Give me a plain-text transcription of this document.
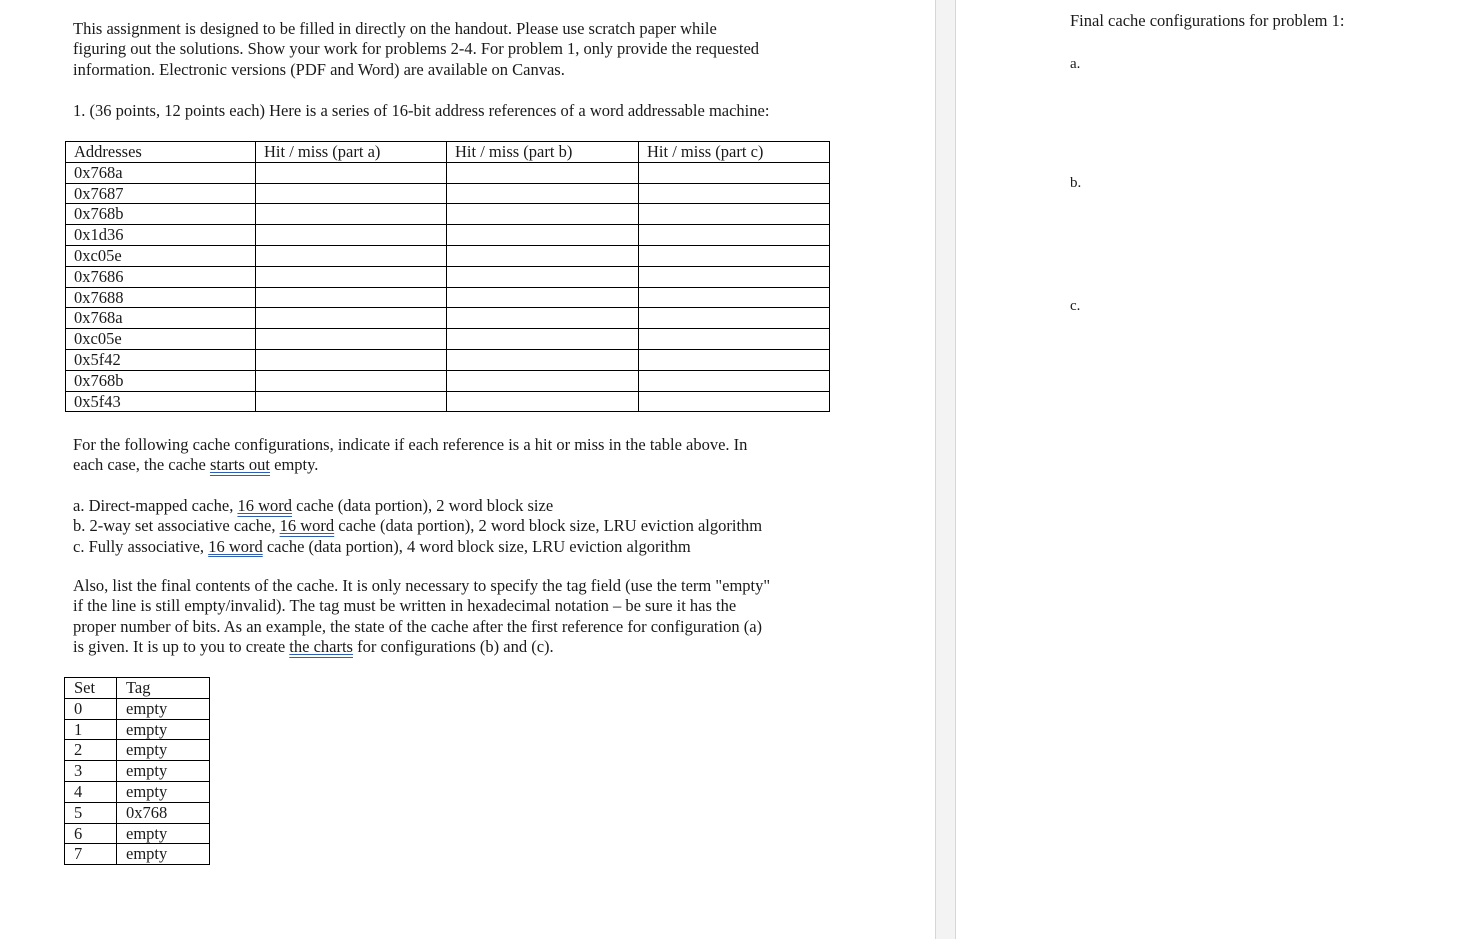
This assignment is designed to be filled in directly on the handout. Please use scratch paper while
figuring out the solutions. Show your work for problems 2-4. For problem 1, only provide the requested
information. Electronic versions (PDF and Word) are available on Canvas.

1. (36 points, 12 points each) Here is a series of 16-bit address references of a word addressable machine:

Addresses	Hit / miss (part a)	Hit / miss (part b)	Hit / miss (part c)
0x768a			
0x7687			
0x768b			
0x1d36			
0xc05e			
0x7686			
0x7688			
0x768a			
0xc05e			
0x5f42			
0x768b			
0x5f43			

For the following cache configurations, indicate if each reference is a hit or miss in the table above. In
each case, the cache starts out empty.

a. Direct-mapped cache, 16 word cache (data portion), 2 word block size
b. 2-way set associative cache, 16 word cache (data portion), 2 word block size, LRU eviction algorithm
c. Fully associative, 16 word cache (data portion), 4 word block size, LRU eviction algorithm

Also, list the final contents of the cache. It is only necessary to specify the tag field (use the term "empty"
if the line is still empty/invalid). The tag must be written in hexadecimal notation – be sure it has the
proper number of bits. As an example, the state of the cache after the first reference for configuration (a)
is given. It is up to you to create the charts for configurations (b) and (c).

Set	Tag
0	empty
1	empty
2	empty
3	empty
4	empty
5	0x768
6	empty
7	empty

Final cache configurations for problem 1:

a.

b.

c.
